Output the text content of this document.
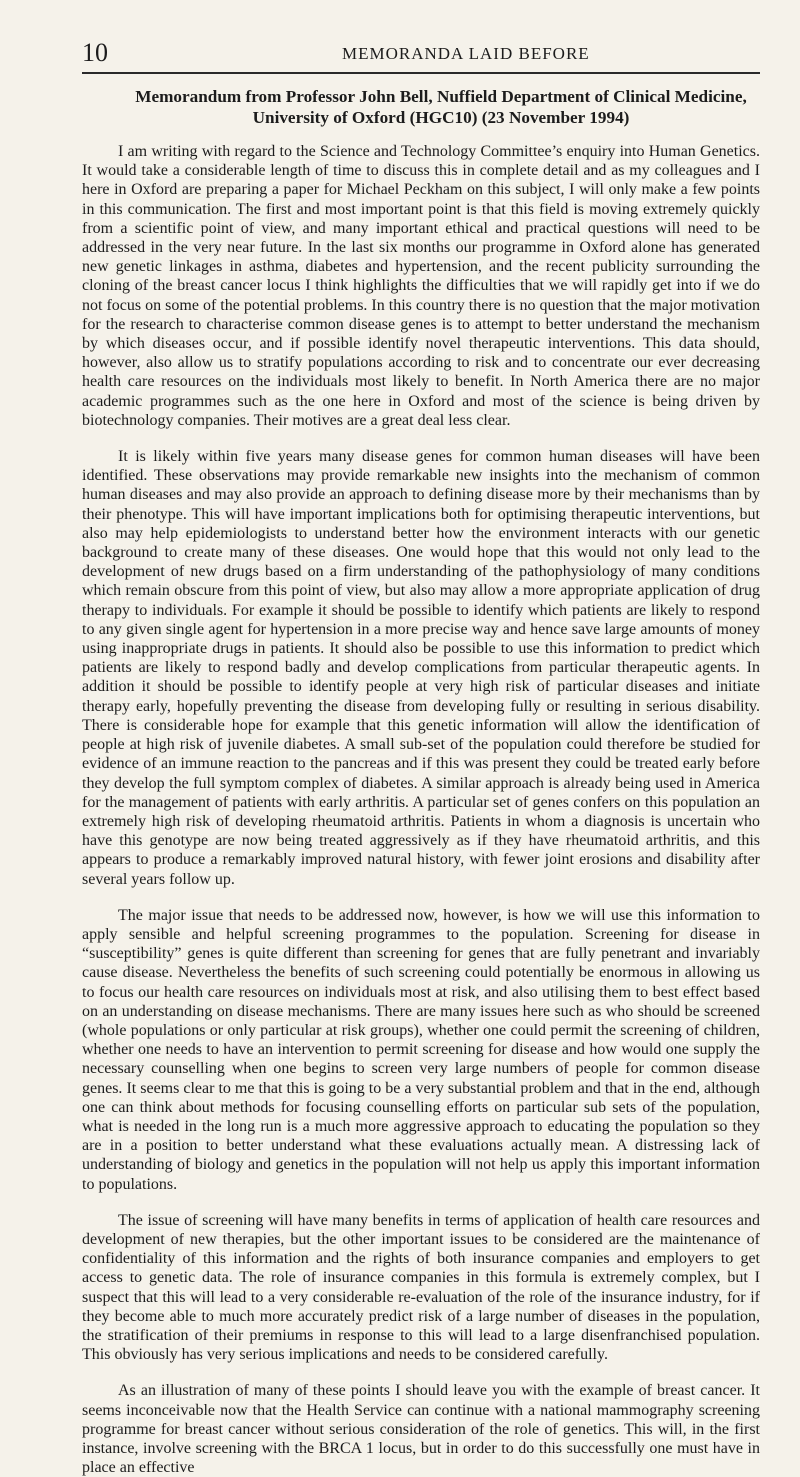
10	MEMORANDA LAID BEFORE
Memorandum from Professor John Bell, Nuffield Department of Clinical Medicine, University of Oxford (HGC10) (23 November 1994)

I am writing with regard to the Science and Technology Committee’s enquiry into Human Genetics. It would take a considerable length of time to discuss this in complete detail and as my colleagues and I here in Oxford are preparing a paper for Michael Peckham on this subject, I will only make a few points in this communication. The first and most important point is that this field is moving extremely quickly from a scientific point of view, and many important ethical and practical questions will need to be addressed in the very near future. In the last six months our programme in Oxford alone has generated new genetic linkages in asthma, diabetes and hypertension, and the recent publicity surrounding the cloning of the breast cancer locus I think highlights the difficulties that we will rapidly get into if we do not focus on some of the potential problems. In this country there is no question that the major motivation for the research to characterise common disease genes is to attempt to better understand the mechanism by which diseases occur, and if possible identify novel therapeutic interventions. This data should, however, also allow us to stratify populations according to risk and to concentrate our ever decreasing health care resources on the individuals most likely to benefit. In North America there are no major academic programmes such as the one here in Oxford and most of the science is being driven by biotechnology companies. Their motives are a great deal less clear.

It is likely within five years many disease genes for common human diseases will have been identified. These observations may provide remarkable new insights into the mechanism of common human diseases and may also provide an approach to defining disease more by their mechanisms than by their phenotype. This will have important implications both for optimising therapeutic interventions, but also may help epidemiologists to understand better how the environment interacts with our genetic background to create many of these diseases. One would hope that this would not only lead to the development of new drugs based on a firm understanding of the pathophysiology of many conditions which remain obscure from this point of view, but also may allow a more appropriate application of drug therapy to individuals. For example it should be possible to identify which patients are likely to respond to any given single agent for hypertension in a more precise way and hence save large amounts of money using inappropriate drugs in patients. It should also be possible to use this information to predict which patients are likely to respond badly and develop complications from particular therapeutic agents. In addition it should be possible to identify people at very high risk of particular diseases and initiate therapy early, hopefully preventing the disease from developing fully or resulting in serious disability. There is considerable hope for example that this genetic information will allow the identification of people at high risk of juvenile diabetes. A small sub-set of the population could therefore be studied for evidence of an immune reaction to the pancreas and if this was present they could be treated early before they develop the full symptom complex of diabetes. A similar approach is already being used in America for the management of patients with early arthritis. A particular set of genes confers on this population an extremely high risk of developing rheumatoid arthritis. Patients in whom a diagnosis is uncertain who have this genotype are now being treated aggressively as if they have rheumatoid arthritis, and this appears to produce a remarkably improved natural history, with fewer joint erosions and disability after several years follow up.

The major issue that needs to be addressed now, however, is how we will use this information to apply sensible and helpful screening programmes to the population. Screening for disease in “susceptibility” genes is quite different than screening for genes that are fully penetrant and invariably cause disease. Nevertheless the benefits of such screening could potentially be enormous in allowing us to focus our health care resources on individuals most at risk, and also utilising them to best effect based on an understanding on disease mechanisms. There are many issues here such as who should be screened (whole populations or only particular at risk groups), whether one could permit the screening of children, whether one needs to have an intervention to permit screening for disease and how would one supply the necessary counselling when one begins to screen very large numbers of people for common disease genes. It seems clear to me that this is going to be a very substantial problem and that in the end, although one can think about methods for focusing counselling efforts on particular sub sets of the population, what is needed in the long run is a much more aggressive approach to educating the population so they are in a position to better understand what these evaluations actually mean. A distressing lack of understanding of biology and genetics in the population will not help us apply this important information to populations.

The issue of screening will have many benefits in terms of application of health care resources and development of new therapies, but the other important issues to be considered are the maintenance of confidentiality of this information and the rights of both insurance companies and employers to get access to genetic data. The role of insurance companies in this formula is extremely complex, but I suspect that this will lead to a very considerable re-evaluation of the role of the insurance industry, for if they become able to much more accurately predict risk of a large number of diseases in the population, the stratification of their premiums in response to this will lead to a large disenfranchised population. This obviously has very serious implications and needs to be considered carefully.

As an illustration of many of these points I should leave you with the example of breast cancer. It seems inconceivable now that the Health Service can continue with a national mammography screening programme for breast cancer without serious consideration of the role of genetics. This will, in the first instance, involve screening with the BRCA 1 locus, but in order to do this successfully one must have in place an effective
